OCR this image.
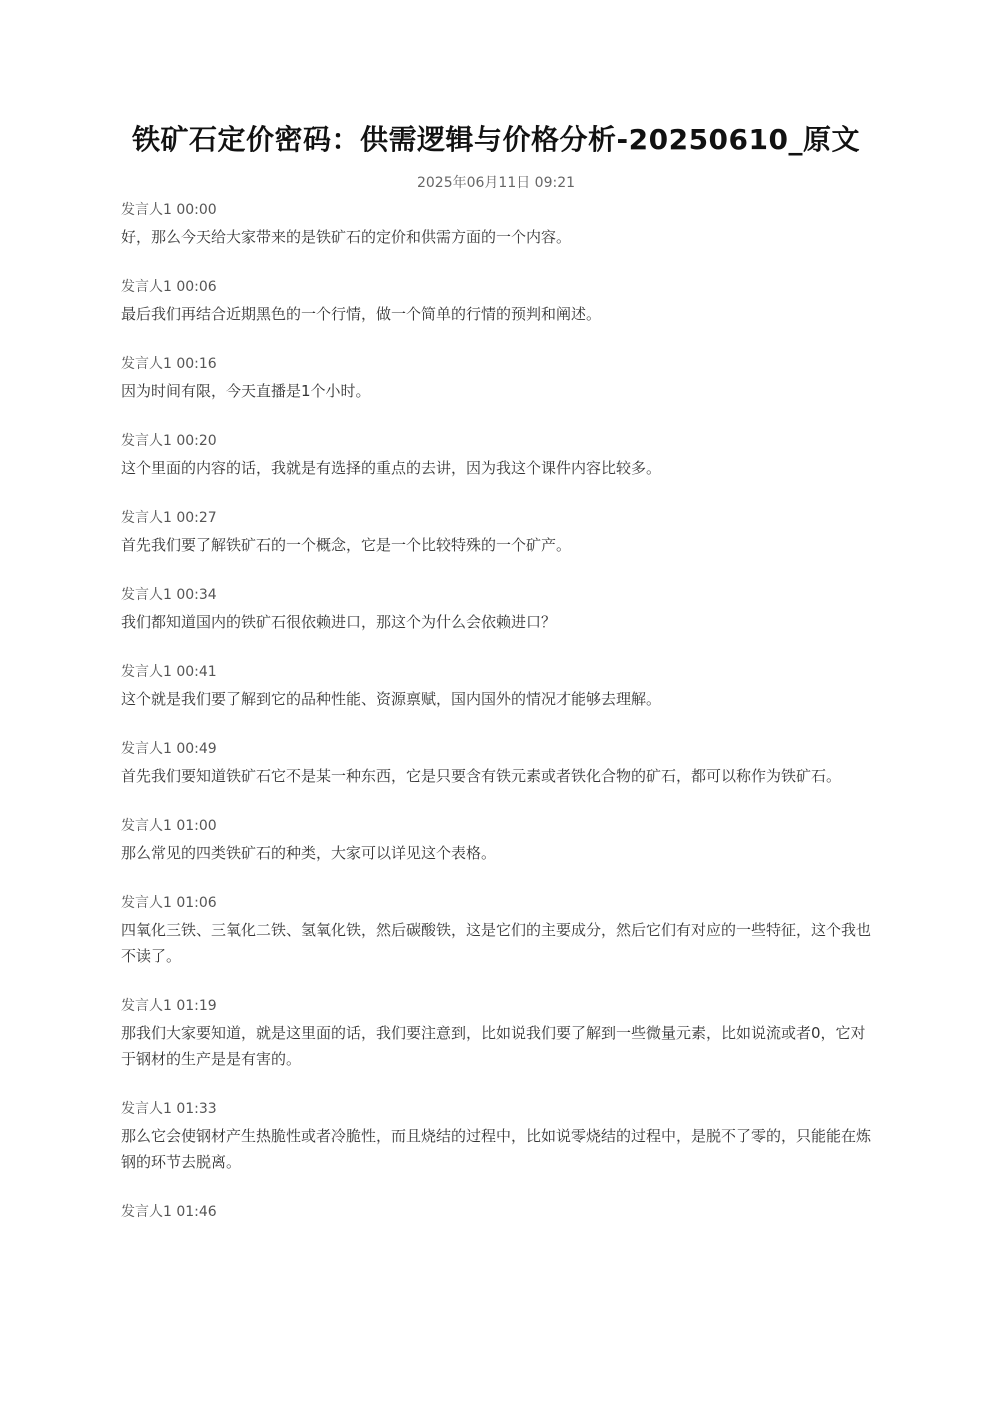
铁矿石定价密码：供需逻辑与价格分析-20250610_原文
2025年06月11日 09:21
发言人1 00:00
好，那么今天给大家带来的是铁矿石的定价和供需方面的一个内容。
发言人1 00:06
最后我们再结合近期黑色的一个行情，做一个简单的行情的预判和阐述。
发言人1 00:16
因为时间有限，今天直播是1个小时。
发言人1 00:20
这个里面的内容的话，我就是有选择的重点的去讲，因为我这个课件内容比较多。
发言人1 00:27
首先我们要了解铁矿石的一个概念，它是一个比较特殊的一个矿产。
发言人1 00:34
我们都知道国内的铁矿石很依赖进口，那这个为什么会依赖进口？
发言人1 00:41
这个就是我们要了解到它的品种性能、资源禀赋，国内国外的情况才能够去理解。
发言人1 00:49
首先我们要知道铁矿石它不是某一种东西，它是只要含有铁元素或者铁化合物的矿石，都可以称作为铁矿石。
发言人1 01:00
那么常见的四类铁矿石的种类，大家可以详见这个表格。
发言人1 01:06
四氧化三铁、三氧化二铁、氢氧化铁，然后碳酸铁，这是它们的主要成分，然后它们有对应的一些特征，这个我也不读了。
发言人1 01:19
那我们大家要知道，就是这里面的话，我们要注意到，比如说我们要了解到一些微量元素，比如说流或者0，它对于钢材的生产是是有害的。
发言人1 01:33
那么它会使钢材产生热脆性或者冷脆性，而且烧结的过程中，比如说零烧结的过程中，是脱不了零的，只能能在炼钢的环节去脱离。
发言人1 01:46
